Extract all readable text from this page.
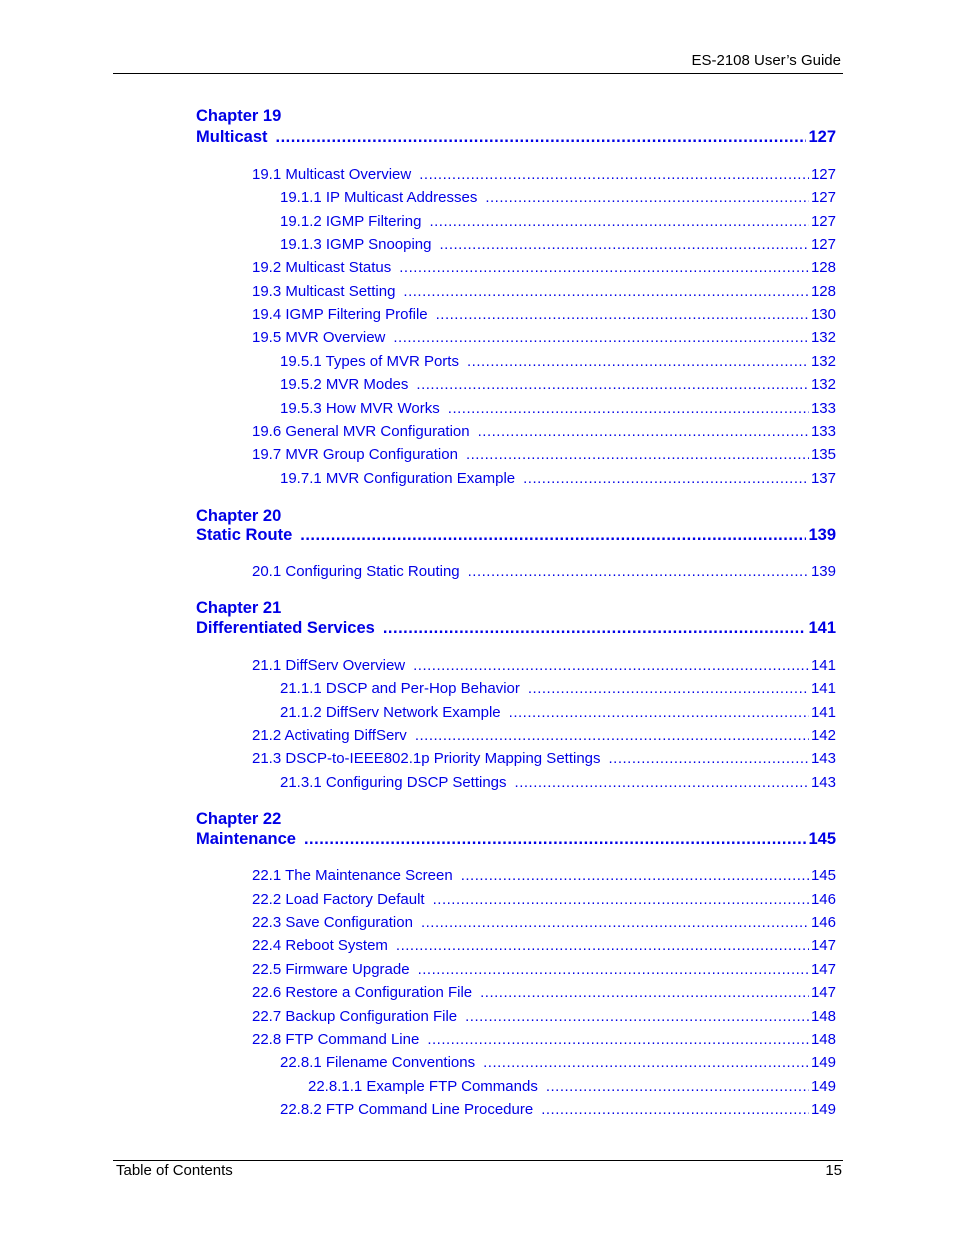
ES-2108 User’s Guide
Chapter 19
Multicast .....	127
19.1 Multicast Overview .....	127
19.1.1 IP Multicast Addresses .....	127
19.1.2 IGMP Filtering .....	127
19.1.3 IGMP Snooping .....	127
19.2 Multicast Status .....	128
19.3 Multicast Setting .....	128
19.4 IGMP Filtering Profile .....	130
19.5 MVR Overview .....	132
19.5.1 Types of MVR Ports .....	132
19.5.2 MVR Modes .....	132
19.5.3 How MVR Works .....	133
19.6 General MVR Configuration .....	133
19.7 MVR Group Configuration .....	135
19.7.1 MVR Configuration Example .....	137
Chapter 20
Static Route .....	139
20.1 Configuring Static Routing .....	139
Chapter 21
Differentiated Services .....	141
21.1 DiffServ Overview .....	141
21.1.1 DSCP and Per-Hop Behavior .....	141
21.1.2 DiffServ Network Example .....	141
21.2 Activating DiffServ .....	142
21.3 DSCP-to-IEEE802.1p Priority Mapping Settings .....	143
21.3.1 Configuring DSCP Settings .....	143
Chapter 22
Maintenance .....	145
22.1 The Maintenance Screen .....	145
22.2 Load Factory Default .....	146
22.3 Save Configuration .....	146
22.4 Reboot System .....	147
22.5 Firmware Upgrade .....	147
22.6 Restore a Configuration File .....	147
22.7 Backup Configuration File .....	148
22.8 FTP Command Line .....	148
22.8.1 Filename Conventions .....	149
22.8.1.1 Example FTP Commands .....	149
22.8.2 FTP Command Line Procedure .....	149
Table of Contents	15
